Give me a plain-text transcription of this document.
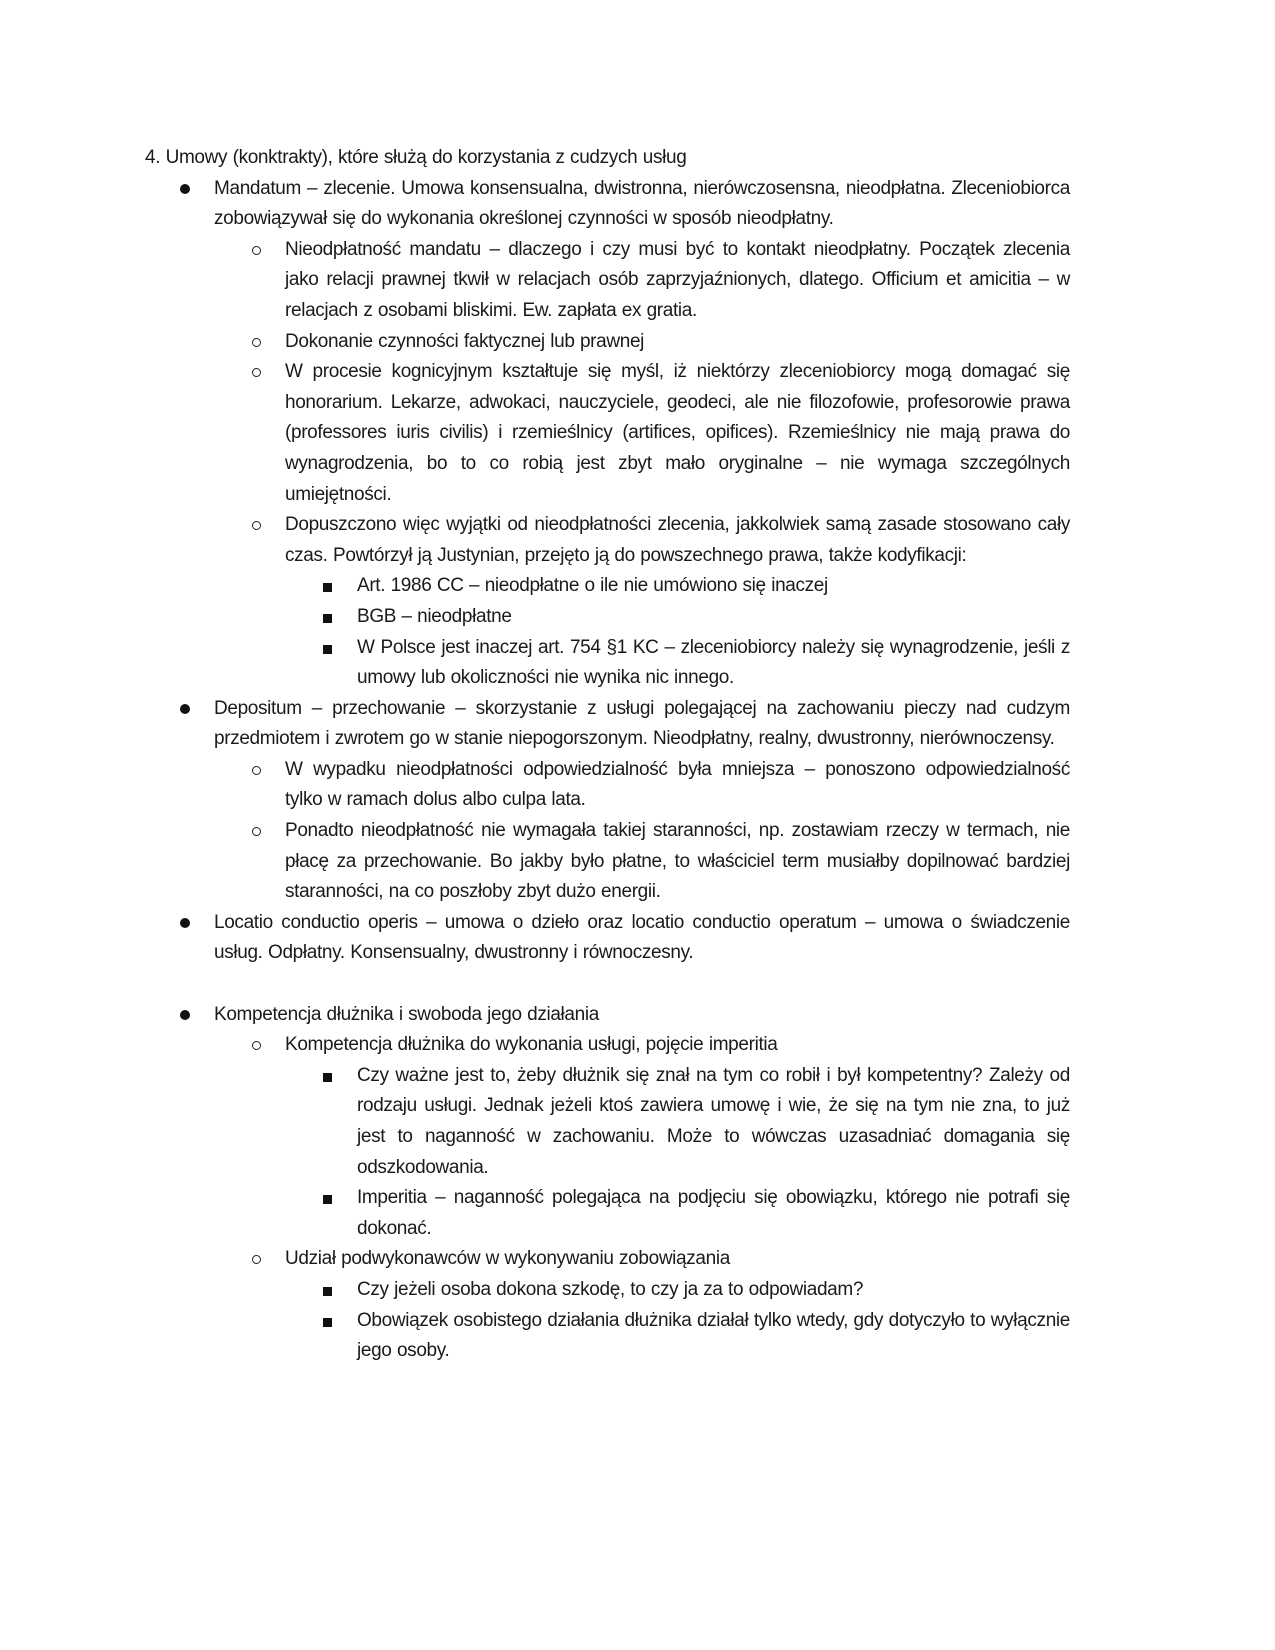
4. Umowy (konktrakty), które służą do korzystania z cudzych usług

Mandatum – zlecenie. Umowa konsensualna, dwistronna, nierówczosensna, nieodpłatna. Zleceniobiorca zobowiązywał się do wykonania określonej czynności w sposób nieodpłatny.
Nieodpłatność mandatu – dlaczego i czy musi być to kontakt nieodpłatny. Początek zlecenia jako relacji prawnej tkwił w relacjach osób zaprzyjaźnionych, dlatego. Officium et amicitia – w relacjach z osobami bliskimi. Ew. zapłata ex gratia.
Dokonanie czynności faktycznej lub prawnej
W procesie kognicyjnym kształtuje się myśl, iż niektórzy zleceniobiorcy mogą domagać się honorarium. Lekarze, adwokaci, nauczyciele, geodeci, ale nie filozofowie, profesorowie prawa (professores iuris civilis) i rzemieślnicy (artifices, opifices). Rzemieślnicy nie mają prawa do wynagrodzenia, bo to co robią jest zbyt mało oryginalne – nie wymaga szczególnych umiejętności.
Dopuszczono więc wyjątki od nieodpłatności zlecenia, jakkolwiek samą zasade stosowano cały czas. Powtórzył ją Justynian, przejęto ją do powszechnego prawa, także kodyfikacji:
Art. 1986 CC – nieodpłatne o ile nie umówiono się inaczej
BGB – nieodpłatne
W Polsce jest inaczej art. 754 §1 KC – zleceniobiorcy należy się wynagrodzenie, jeśli z umowy lub okoliczności nie wynika nic innego.
Depositum – przechowanie – skorzystanie z usługi polegającej na zachowaniu pieczy nad cudzym przedmiotem i zwrotem go w stanie niepogorszonym. Nieodpłatny, realny, dwustronny, nierównoczensy.
W wypadku nieodpłatności odpowiedzialność była mniejsza – ponoszono odpowiedzialność tylko w ramach dolus albo culpa lata.
Ponadto nieodpłatność nie wymagała takiej staranności, np. zostawiam rzeczy w termach, nie płacę za przechowanie. Bo jakby było płatne, to właściciel term musiałby dopilnować bardziej staranności, na co poszłoby zbyt dużo energii.
Locatio conductio operis – umowa o dzieło oraz locatio conductio operatum – umowa o świadczenie usług. Odpłatny. Konsensualny, dwustronny i równoczesny.
Kompetencja dłużnika i swoboda jego działania
Kompetencja dłużnika do wykonania usługi, pojęcie imperitia
Czy ważne jest to, żeby dłużnik się znał na tym co robił i był kompetentny? Zależy od rodzaju usługi. Jednak jeżeli ktoś zawiera umowę i wie, że się na tym nie zna, to już jest to naganność w zachowaniu. Może to wówczas uzasadniać domagania się odszkodowania.
Imperitia – naganność polegająca na podjęciu się obowiązku, którego nie potrafi się dokonać.
Udział podwykonawców w wykonywaniu zobowiązania
Czy jeżeli osoba dokona szkodę, to czy ja za to odpowiadam?
Obowiązek osobistego działania dłużnika działał tylko wtedy, gdy dotyczyło to wyłącznie jego osoby.
